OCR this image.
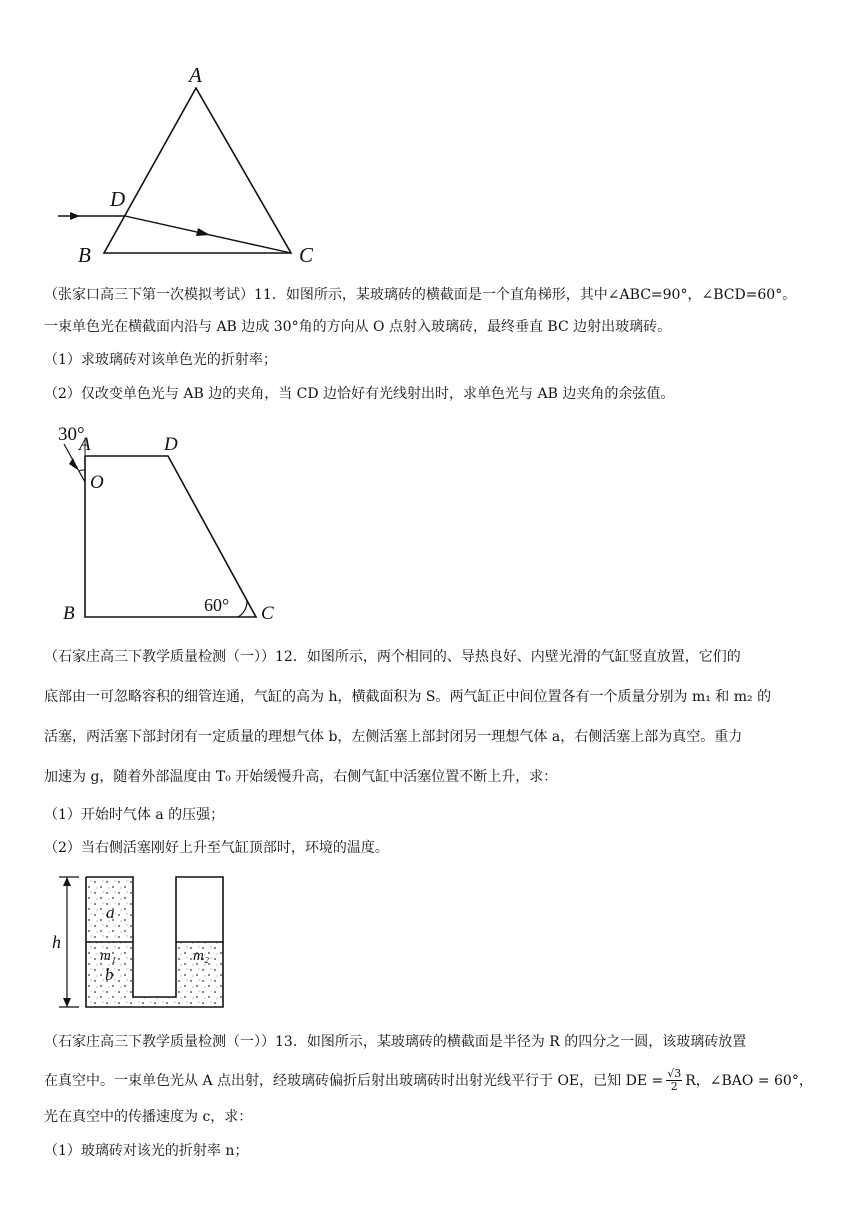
A
D
B	C
（张家口高三下第一次模拟考试）11．如图所示，某玻璃砖的横截面是一个直角梯形，其中∠ABC=90°，∠BCD=60°。
一束单色光在横截面内沿与 AB 边成 30°角的方向从 O 点射入玻璃砖，最终垂直 BC 边射出玻璃砖。
（1）求玻璃砖对该单色光的折射率；
（2）仅改变单色光与 AB 边的夹角，当 CD 边恰好有光线射出时，求单色光与 AB 边夹角的余弦值。
30°
A	D
O
B	60° C
（石家庄高三下教学质量检测（一））12．如图所示，两个相同的、导热良好、内壁光滑的气缸竖直放置，它们的
底部由一可忽略容积的细管连通，气缸的高为 h，横截面积为 S。两气缸正中间位置各有一个质量分别为 m₁ 和 m₂ 的
活塞，两活塞下部封闭有一定质量的理想气体 b，左侧活塞上部封闭另一理想气体 a，右侧活塞上部为真空。重力
加速为 g，随着外部温度由 T₀ 开始缓慢升高，右侧气缸中活塞位置不断上升，求：
（1）开始时气体 a 的压强；
（2）当右侧活塞刚好上升至气缸顶部时，环境的温度。
h
a
m₁
b
m₂
（石家庄高三下教学质量检测（一））13．如图所示，某玻璃砖的横截面是半径为 R 的四分之一圆，该玻璃砖放置
在真空中。一束单色光从 A 点出射，经玻璃砖偏折后射出玻璃砖时出射光线平行于 OE，已知 DE = $\frac{√3}{2}$ R，∠BAO = 60°，
光在真空中的传播速度为 c，求：
（1）玻璃砖对该光的折射率 n；
